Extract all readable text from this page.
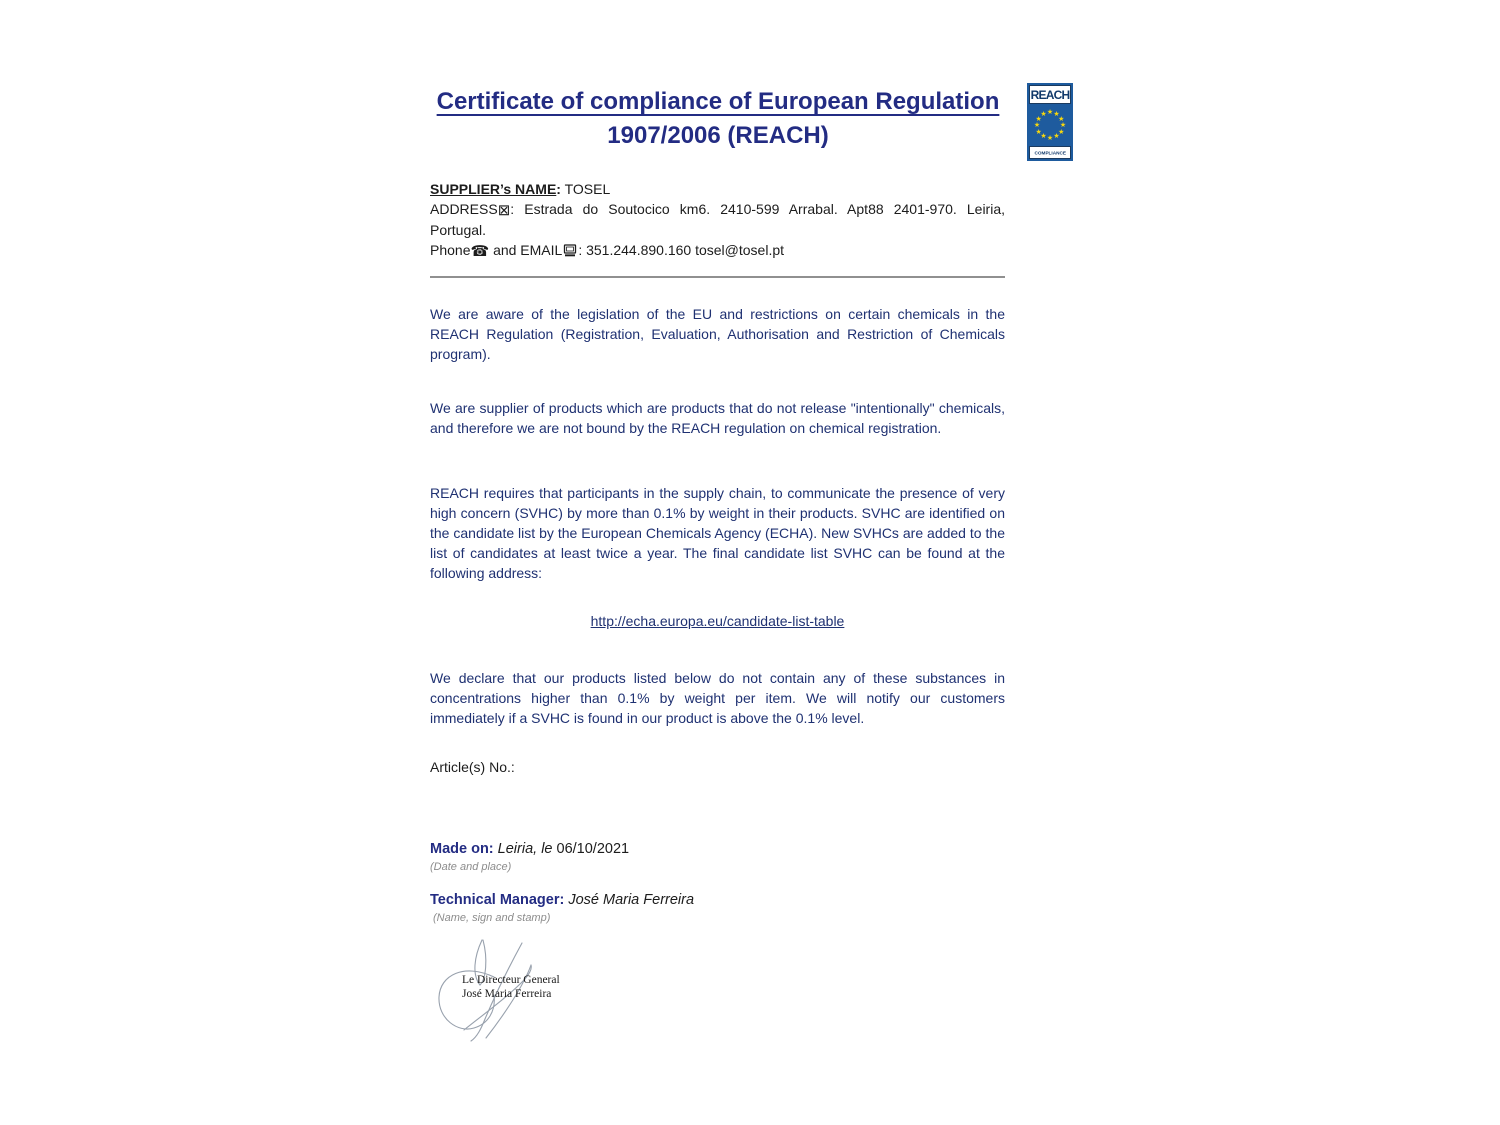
Certificate of compliance of European Regulation
1907/2006 (REACH)

SUPPLIER’s NAME: TOSEL

ADDRESS⊠: Estrada do Soutocico km6. 2410-599 Arrabal. Apt88 2401-970. Leiria, Portugal.

Phone☎ and EMAIL : 351.244.890.160 tosel@tosel.pt

We are aware of the legislation of the EU and restrictions on certain chemicals in the REACH Regulation (Registration, Evaluation, Authorisation and Restriction of Chemicals program).

We are supplier of products which are products that do not release "intentionally" chemicals, and therefore we are not bound by the REACH regulation on chemical registration.

REACH requires that participants in the supply chain, to communicate the presence of very high concern (SVHC) by more than 0.1% by weight in their products. SVHC are identified on the candidate list by the European Chemicals Agency (ECHA). New SVHCs are added to the list of candidates at least twice a year. The final candidate list SVHC can be found at the following address:

http://echa.europa.eu/candidate-list-table

We declare that our products listed below do not contain any of these substances in concentrations higher than 0.1% by weight per item. We will notify our customers immediately if a SVHC is found in our product is above the 0.1% level.

Article(s) No.:

Made on: Leiria, le 06/10/2021

(Date and place)

Technical Manager: José Maria Ferreira

(Name, sign and stamp)

Le Directeur General
José Maria Ferreira
REACH
★ ★
★
★
★
★
★
★
★
★
★
★
COMPLIANCE
